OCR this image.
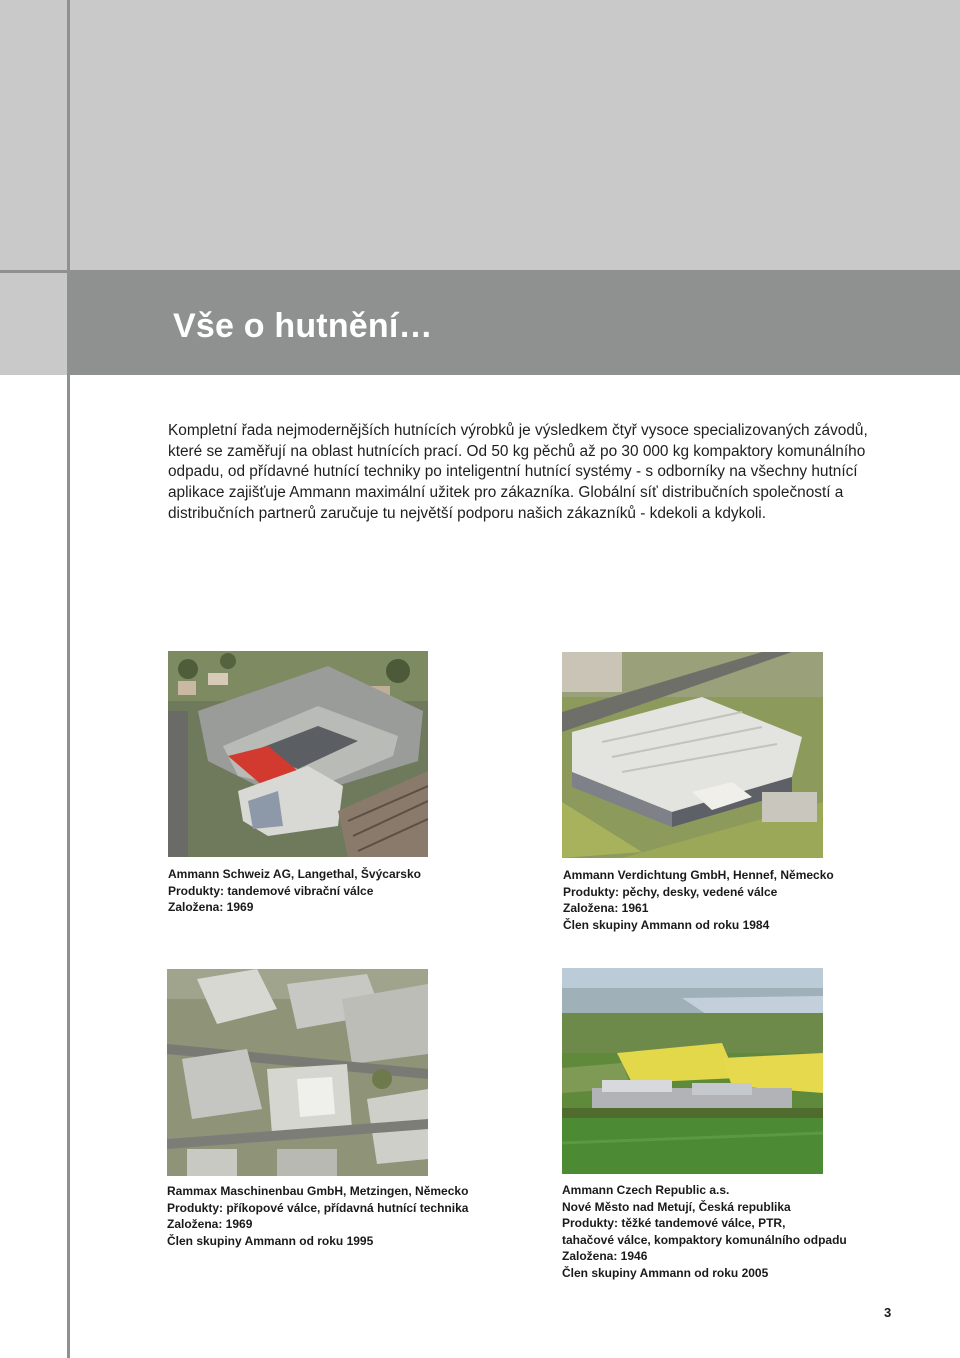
Vše o hutnění…

Kompletní řada nejmodernějších hutnících výrobků je výsledkem čtyř vysoce specializovaných závodů, které se zaměřují na oblast hutnících prací. Od 50 kg pěchů až po 30 000 kg kompaktory komunálního odpadu, od přídavné hutnící techniky po inteligentní hutnící systémy - s odborníky na všechny hutnící aplikace zajišťuje Ammann maximální užitek pro zákazníka. Globální síť distribučních společností a distribučních partnerů zaručuje tu největší podporu našich zákazníků - kdekoli a kdykoli.

Ammann Schweiz AG, Langethal, Švýcarsko
Produkty: tandemové vibrační válce
Založena: 1969
Ammann Verdichtung GmbH, Hennef, Německo
Produkty: pěchy, desky, vedené válce
Založena: 1961
Člen skupiny Ammann od roku 1984
Rammax Maschinenbau GmbH, Metzingen, Německo
Produkty: příkopové válce, přídavná hutnící technika
Založena: 1969
Člen skupiny Ammann od roku 1995
Ammann Czech Republic a.s.
Nové Město nad Metují, Česká republika
Produkty: těžké tandemové válce, PTR,
tahačové válce, kompaktory komunálního odpadu
Založena: 1946
Člen skupiny Ammann od roku 2005
3
